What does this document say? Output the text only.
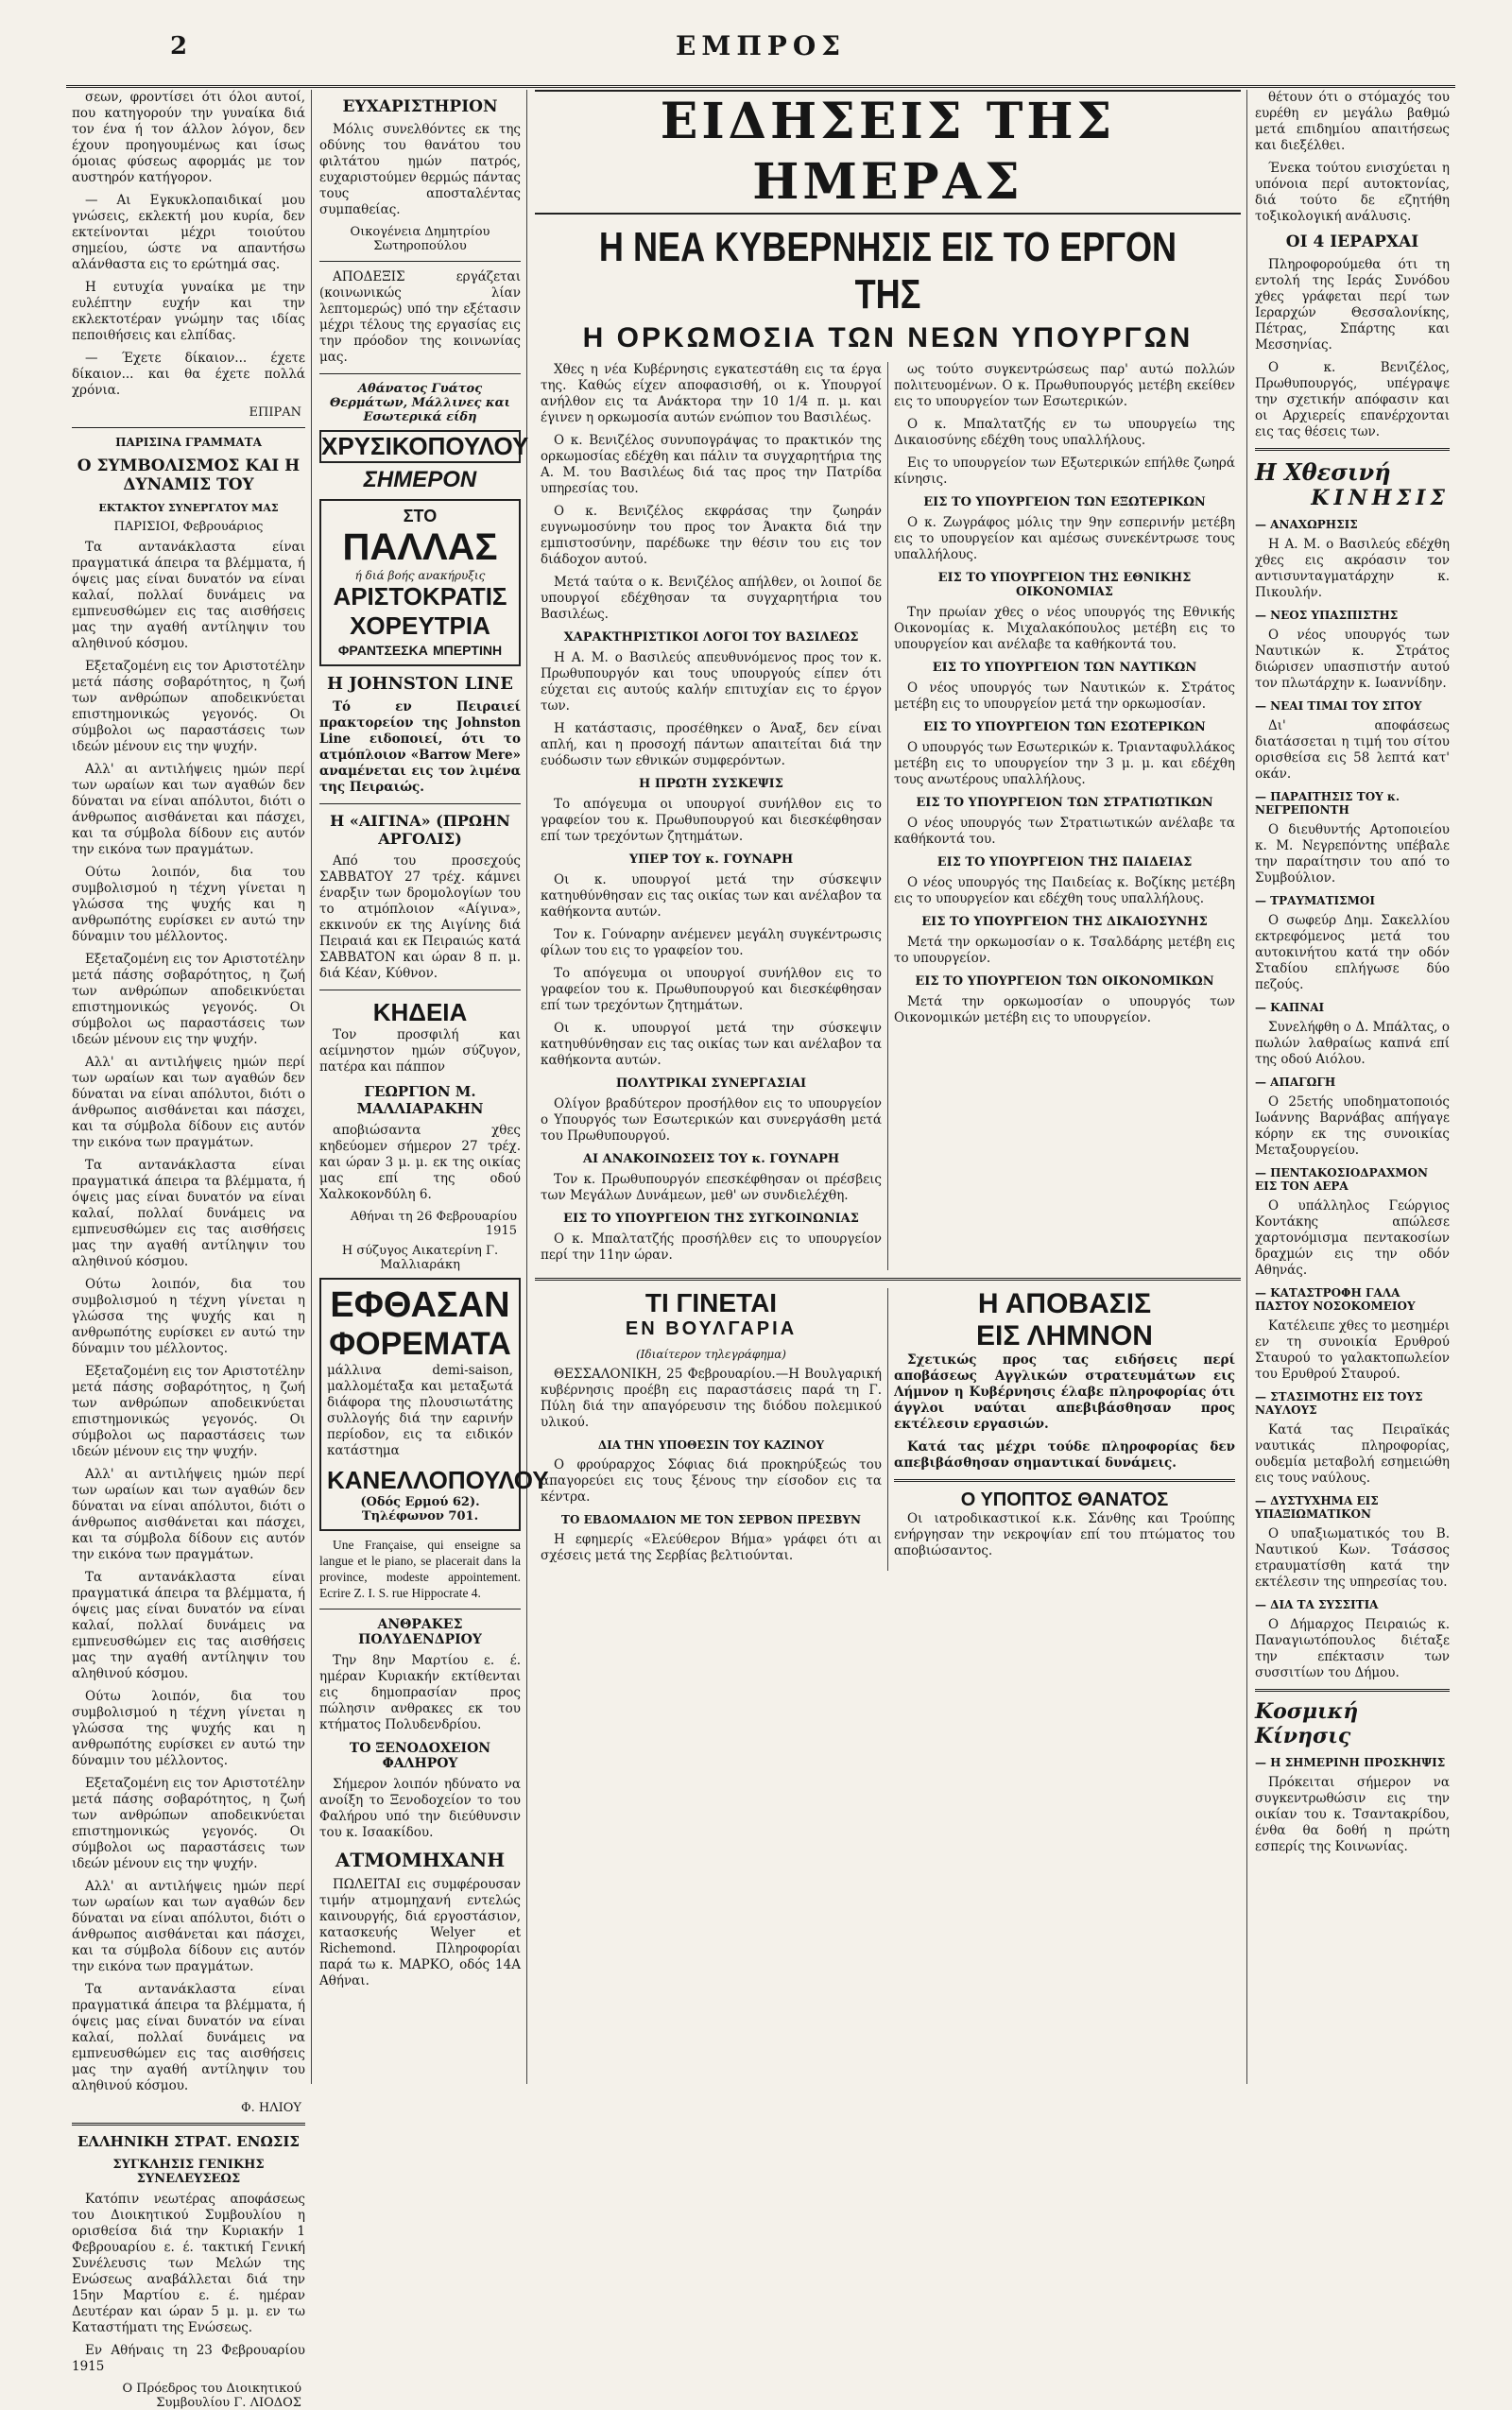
2	ΕΜΠΡΟΣ

σεων, φροντίσει ότι όλοι αυτοί, που κατηγορούν την γυναίκα διά τον ένα ή τον άλλον λόγον, δεν έχουν προηγουμένως και ίσως όμοιας φύσεως αφορμάς με τον αυστηρόν κατήγορον.

— Αι Εγκυκλοπαιδικαί μου γνώσεις, εκλεκτή μου κυρία, δεν εκτείνονται μέχρι τοιούτου σημείου, ώστε να απαντήσω αλάνθαστα εις το ερώτημά σας.

Η ευτυχία γυναίκα με την ευλέπτην ευχήν και την εκλεκτοτέραν γνώμην τας ιδίας πεποιθήσεις και ελπίδας.

— Έχετε δίκαιον... έχετε δίκαιον... και θα έχετε πολλά χρόνια.

ΕΠΙΡΑΝ
ΠΑΡΙΣΙΝΑ ΓΡΑΜΜΑΤΑ
Ο ΣΥΜΒΟΛΙΣΜΟΣ ΚΑΙ Η ΔΥΝΑΜΙΣ ΤΟΥ
ΕΚΤΑΚΤΟΥ ΣΥΝΕΡΓΑΤΟΥ ΜΑΣ
ΠΑΡΙΣΙΟΙ, Φεβρουάριος

Τα αντανάκλαστα είναι πραγματικά άπειρα τα βλέμματα, ή όψεις μας είναι δυνατόν να είναι καλαί, πολλαί δυνάμεις να εμπνευσθώμεν εις τας αισθήσεις μας την αγαθή αντίληψιν του αληθινού κόσμου.

Εξεταζομένη εις τον Αριστοτέλην μετά πάσης σοβαρότητος, η ζωή των ανθρώπων αποδεικνύεται επιστημονικώς γεγονός. Οι σύμβολοι ως παραστάσεις των ιδεών μένουν εις την ψυχήν.

Αλλ' αι αντιλήψεις ημών περί των ωραίων και των αγαθών δεν δύναται να είναι απόλυτοι, διότι ο άνθρωπος αισθάνεται και πάσχει, και τα σύμβολα δίδουν εις αυτόν την εικόνα των πραγμάτων.

Ούτω λοιπόν, δια του συμβολισμού η τέχνη γίνεται η γλώσσα της ψυχής και η ανθρωπότης ευρίσκει εν αυτώ την δύναμιν του μέλλοντος.

Εξεταζομένη εις τον Αριστοτέλην μετά πάσης σοβαρότητος, η ζωή των ανθρώπων αποδεικνύεται επιστημονικώς γεγονός. Οι σύμβολοι ως παραστάσεις των ιδεών μένουν εις την ψυχήν.

Αλλ' αι αντιλήψεις ημών περί των ωραίων και των αγαθών δεν δύναται να είναι απόλυτοι, διότι ο άνθρωπος αισθάνεται και πάσχει, και τα σύμβολα δίδουν εις αυτόν την εικόνα των πραγμάτων.

Τα αντανάκλαστα είναι πραγματικά άπειρα τα βλέμματα, ή όψεις μας είναι δυνατόν να είναι καλαί, πολλαί δυνάμεις να εμπνευσθώμεν εις τας αισθήσεις μας την αγαθή αντίληψιν του αληθινού κόσμου.

Ούτω λοιπόν, δια του συμβολισμού η τέχνη γίνεται η γλώσσα της ψυχής και η ανθρωπότης ευρίσκει εν αυτώ την δύναμιν του μέλλοντος.

Εξεταζομένη εις τον Αριστοτέλην μετά πάσης σοβαρότητος, η ζωή των ανθρώπων αποδεικνύεται επιστημονικώς γεγονός. Οι σύμβολοι ως παραστάσεις των ιδεών μένουν εις την ψυχήν.

Αλλ' αι αντιλήψεις ημών περί των ωραίων και των αγαθών δεν δύναται να είναι απόλυτοι, διότι ο άνθρωπος αισθάνεται και πάσχει, και τα σύμβολα δίδουν εις αυτόν την εικόνα των πραγμάτων.

Τα αντανάκλαστα είναι πραγματικά άπειρα τα βλέμματα, ή όψεις μας είναι δυνατόν να είναι καλαί, πολλαί δυνάμεις να εμπνευσθώμεν εις τας αισθήσεις μας την αγαθή αντίληψιν του αληθινού κόσμου.

Ούτω λοιπόν, δια του συμβολισμού η τέχνη γίνεται η γλώσσα της ψυχής και η ανθρωπότης ευρίσκει εν αυτώ την δύναμιν του μέλλοντος.

Εξεταζομένη εις τον Αριστοτέλην μετά πάσης σοβαρότητος, η ζωή των ανθρώπων αποδεικνύεται επιστημονικώς γεγονός. Οι σύμβολοι ως παραστάσεις των ιδεών μένουν εις την ψυχήν.

Αλλ' αι αντιλήψεις ημών περί των ωραίων και των αγαθών δεν δύναται να είναι απόλυτοι, διότι ο άνθρωπος αισθάνεται και πάσχει, και τα σύμβολα δίδουν εις αυτόν την εικόνα των πραγμάτων.

Τα αντανάκλαστα είναι πραγματικά άπειρα τα βλέμματα, ή όψεις μας είναι δυνατόν να είναι καλαί, πολλαί δυνάμεις να εμπνευσθώμεν εις τας αισθήσεις μας την αγαθή αντίληψιν του αληθινού κόσμου.

Φ. ΗΛΙΟΥ
ΕΛΛΗΝΙΚΗ ΣΤΡΑΤ. ΕΝΩΣΙΣ
ΣΥΓΚΛΗΣΙΣ ΓΕΝΙΚΗΣ ΣΥΝΕΛΕΥΣΕΩΣ

Κατόπιν νεωτέρας αποφάσεως του Διοικητικού Συμβουλίου η ορισθείσα διά την Κυριακήν 1 Φεβρουαρίου ε. έ. τακτική Γενική Συνέλευσις των Μελών της Ενώσεως αναβάλλεται διά την 15ην Μαρτίου ε. έ. ημέραν Δευτέραν και ώραν 5 μ. μ. εν τω Καταστήματι της Ενώσεως.

Εν Αθήναις τη 23 Φεβρουαρίου 1915

Ο Πρόεδρος του Διοικητικού Συμβουλίου Γ. ΛΙΟΔΟΣ
ΕΥΧΑΡΙΣΤΗΡΙΟΝ

Μόλις συνελθόντες εκ της οδύνης του θανάτου του φιλτάτου ημών πατρός, ευχαριστούμεν θερμώς πάντας τους αποσταλέντας συμπαθείας.

Οικογένεια Δημητρίου Σωτηροπούλου

ΑΠΟΔΕΞΙΣ εργάζεται (κοινωνικώς λίαν λεπτομερώς) υπό την εξέτασιν μέχρι τέλους της εργασίας εις την πρόοδον της κοινωνίας μας.

Αθάνατος Γυάτος Θερμάτων, Μάλλινες και Εσωτερικά είδη
ΧΡΥΣΙΚΟΠΟΥΛΟΥ
ΣΗΜΕΡΟΝ
ΣΤΟ ΠΑΛΛΑΣ
ή διά βοής ανακήρυξις
ΑΡΙΣΤΟΚΡΑΤΙΣ
ΧΟΡΕΥΤΡΙΑ
ΦΡΑΝΤΣΕΣΚΑ ΜΠΕΡΤΙΝΗ
Η JOHNSTON LINE

Τό εν Πειραιεί πρακτορείον της Johnston Line ειδοποιεί, ότι το ατμόπλοιον «Barrow Mere» αναμένεται εις τον λιμένα της Πειραιώς.

Η «ΑΙΓΙΝΑ» (ΠΡΩΗΝ ΑΡΓΟΛΙΣ)

Από του προσεχούς ΣΑΒΒΑΤΟΥ 27 τρέχ. κάμνει έναρξιν των δρομολογίων του το ατμόπλοιον «Αίγινα», εκκινούν εκ της Αιγίνης διά Πειραιά και εκ Πειραιώς κατά ΣΑΒΒΑΤΟΝ και ώραν 8 π. μ. διά Κέαν, Κύθνον.

ΚΗΔΕΙΑ

Τον προσφιλή και αείμνηστον ημών σύζυγον, πατέρα και πάππον

ΓΕΩΡΓΙΟΝ Μ. ΜΑΛΛΙΑΡΑΚΗΝ

αποβιώσαντα χθες κηδεύομεν σήμερον 27 τρέχ. και ώραν 3 μ. μ. εκ της οικίας μας επί της οδού Χαλκοκονδύλη 6.

Αθήναι τη 26 Φεβρουαρίου 1915
Η σύζυγος Αικατερίνη Γ. Μαλλιαράκη
ΕΦΘΑΣΑΝ
ΦΟΡΕΜΑΤΑ

μάλλινα demi-saison, μαλλομέταξα και μεταξωτά διάφορα της πλουσιωτάτης συλλογής διά την εαρινήν περίοδον, εις τα ειδικόν κατάστημα

ΚΑΝΕΛΛΟΠΟΥΛΟΥ
(Οδός Ερμού 62). Τηλέφωνον 701.

Une Française, qui enseigne sa langue et le piano, se placerait dans la province, modeste appointement. Ecrire Z. I. S. rue Hippocrate 4.

ΑΝΘΡΑΚΕΣ ΠΟΛΥΔΕΝΔΡΙΟΥ

Την 8ην Μαρτίου ε. έ. ημέραν Κυριακήν εκτίθενται εις δημοπρασίαν προς πώλησιν ανθρακες εκ του κτήματος Πολυδενδρίου.

ΤΟ ΞΕΝΟΔΟΧΕΙΟΝ ΦΑΛΗΡΟΥ

Σήμερον λοιπόν ηδύνατο να ανοίξη το Ξενοδοχείον το του Φαλήρου υπό την διεύθυνσιν του κ. Ισαακίδου.

ΑΤΜΟΜΗΧΑΝΗ

ΠΩΛΕΙΤΑΙ εις συμφέρουσαν τιμήν ατμομηχανή εντελώς καινουργής, διά εργοστάσιον, κατασκευής Welyer et Richemond. Πληροφορίαι παρά τω κ. ΜΑΡΚΟ, οδός 14Α Αθήναι.

ΕΙΔΗΣΕΙΣ ΤΗΣ ΗΜΕΡΑΣ
Η ΝΕΑ ΚΥΒΕΡΝΗΣΙΣ ΕΙΣ ΤΟ ΕΡΓΟΝ ΤΗΣ
Η ΟΡΚΩΜΟΣΙΑ ΤΩΝ ΝΕΩΝ ΥΠΟΥΡΓΩΝ

Χθες η νέα Κυβέρνησις εγκατεστάθη εις τα έργα της. Καθώς είχεν αποφασισθή, οι κ. Υπουργοί ανήλθον εις τα Ανάκτορα την 10 1/4 π. μ. και έγινεν η ορκωμοσία αυτών ενώπιον του Βασιλέως.

Ο κ. Βενιζέλος συνυπογράψας το πρακτικόν της ορκωμοσίας εδέχθη και πάλιν τα συγχαρητήρια της Α. Μ. του Βασιλέως διά τας προς την Πατρίδα υπηρεσίας του.

Ο κ. Βενιζέλος εκφράσας την ζωηράν ευγνωμοσύνην του προς τον Άνακτα διά την εμπιστοσύνην, παρέδωκε την θέσιν του εις τον διάδοχον αυτού.

Μετά ταύτα ο κ. Βενιζέλος απήλθεν, οι λοιποί δε υπουργοί εδέχθησαν τα συγχαρητήρια του Βασιλέως.

ΧΑΡΑΚΤΗΡΙΣΤΙΚΟΙ ΛΟΓΟΙ ΤΟΥ ΒΑΣΙΛΕΩΣ

Η Α. Μ. ο Βασιλεύς απευθυνόμενος προς τον κ. Πρωθυπουργόν και τους υπουργούς είπεν ότι εύχεται εις αυτούς καλήν επιτυχίαν εις το έργον των.

Η κατάστασις, προσέθηκεν ο Άναξ, δεν είναι απλή, και η προσοχή πάντων απαιτείται διά την ευόδωσιν των εθνικών συμφερόντων.

Η ΠΡΩΤΗ ΣΥΣΚΕΨΙΣ

Το απόγευμα οι υπουργοί συνήλθον εις το γραφείον του κ. Πρωθυπουργού και διεσκέφθησαν επί των τρεχόντων ζητημάτων.

ΥΠΕΡ ΤΟΥ κ. ΓΟΥΝΑΡΗ

Οι κ. υπουργοί μετά την σύσκεψιν κατηυθύνθησαν εις τας οικίας των και ανέλαβον τα καθήκοντα αυτών.

Τον κ. Γούναρην ανέμενεν μεγάλη συγκέντρωσις φίλων του εις το γραφείον του.

Το απόγευμα οι υπουργοί συνήλθον εις το γραφείον του κ. Πρωθυπουργού και διεσκέφθησαν επί των τρεχόντων ζητημάτων.

Οι κ. υπουργοί μετά την σύσκεψιν κατηυθύνθησαν εις τας οικίας των και ανέλαβον τα καθήκοντα αυτών.

ΠΟΛΥΤΡΙΚΑΙ ΣΥΝΕΡΓΑΣΙΑΙ

Ολίγον βραδύτερον προσήλθον εις το υπουργείον ο Υπουργός των Εσωτερικών και συνεργάσθη μετά του Πρωθυπουργού.

ΑΙ ΑΝΑΚΟΙΝΩΣΕΙΣ ΤΟΥ κ. ΓΟΥΝΑΡΗ

Τον κ. Πρωθυπουργόν επεσκέφθησαν οι πρέσβεις των Μεγάλων Δυνάμεων, μεθ' ων συνδιελέχθη.

ΕΙΣ ΤΟ ΥΠΟΥΡΓΕΙΟΝ ΤΗΣ ΣΥΓΚΟΙΝΩΝΙΑΣ

Ο κ. Μπαλτατζής προσήλθεν εις το υπουργείον περί την 11ην ώραν.

ως τούτο συγκεντρώσεως παρ' αυτώ πολλών πολιτευομένων. Ο κ. Πρωθυπουργός μετέβη εκείθεν εις το υπουργείον των Εσωτερικών.

Ο κ. Μπαλτατζής εν τω υπουργείω της Δικαιοσύνης εδέχθη τους υπαλλήλους.

Εις το υπουργείον των Εξωτερικών επήλθε ζωηρά κίνησις.

ΕΙΣ ΤΟ ΥΠΟΥΡΓΕΙΟΝ ΤΩΝ ΕΞΩΤΕΡΙΚΩΝ

Ο κ. Ζωγράφος μόλις την 9ην εσπερινήν μετέβη εις το υπουργείον και αμέσως συνεκέντρωσε τους υπαλλήλους.

ΕΙΣ ΤΟ ΥΠΟΥΡΓΕΙΟΝ ΤΗΣ ΕΘΝΙΚΗΣ ΟΙΚΟΝΟΜΙΑΣ

Την πρωίαν χθες ο νέος υπουργός της Εθνικής Οικονομίας κ. Μιχαλακόπουλος μετέβη εις το υπουργείον και ανέλαβε τα καθήκοντά του.

ΕΙΣ ΤΟ ΥΠΟΥΡΓΕΙΟΝ ΤΩΝ ΝΑΥΤΙΚΩΝ

Ο νέος υπουργός των Ναυτικών κ. Στράτος μετέβη εις το υπουργείον μετά την ορκωμοσίαν.

ΕΙΣ ΤΟ ΥΠΟΥΡΓΕΙΟΝ ΤΩΝ ΕΣΩΤΕΡΙΚΩΝ

Ο υπουργός των Εσωτερικών κ. Τριανταφυλλάκος μετέβη εις το υπουργείον την 3 μ. μ. και εδέχθη τους ανωτέρους υπαλλήλους.

ΕΙΣ ΤΟ ΥΠΟΥΡΓΕΙΟΝ ΤΩΝ ΣΤΡΑΤΙΩΤΙΚΩΝ

Ο νέος υπουργός των Στρατιωτικών ανέλαβε τα καθήκοντά του.

ΕΙΣ ΤΟ ΥΠΟΥΡΓΕΙΟΝ ΤΗΣ ΠΑΙΔΕΙΑΣ

Ο νέος υπουργός της Παιδείας κ. Βοζίκης μετέβη εις το υπουργείον και εδέχθη τους υπαλλήλους.

ΕΙΣ ΤΟ ΥΠΟΥΡΓΕΙΟΝ ΤΗΣ ΔΙΚΑΙΟΣΥΝΗΣ

Μετά την ορκωμοσίαν ο κ. Τσαλδάρης μετέβη εις το υπουργείον.

ΕΙΣ ΤΟ ΥΠΟΥΡΓΕΙΟΝ ΤΩΝ ΟΙΚΟΝΟΜΙΚΩΝ

Μετά την ορκωμοσίαν ο υπουργός των Οικονομικών μετέβη εις το υπουργείον.

ΤΙ ΓΙΝΕΤΑΙ
ΕΝ ΒΟΥΛΓΑΡΙΑ
(Ιδιαίτερον τηλεγράφημα)

ΘΕΣΣΑΛΟΝΙΚΗ, 25 Φεβρουαρίου.—Η Βουλγαρική κυβέρνησις προέβη εις παραστάσεις παρά τη Γ. Πύλη διά την απαγόρευσιν της διόδου πολεμικού υλικού.

ΔΙΑ ΤΗΝ ΥΠΟΘΕΣΙΝ ΤΟΥ ΚΑΖΙΝΟΥ

Ο φρούραρχος Σόφιας διά προκηρύξεώς του απαγορεύει εις τους ξένους την είσοδον εις τα κέντρα.

ΤΟ ΕΒΔΟΜΑΔΙΟΝ ΜΕ ΤΟΝ ΣΕΡΒΟΝ ΠΡΕΣΒΥΝ

Η εφημερίς «Ελεύθερον Βήμα» γράφει ότι αι σχέσεις μετά της Σερβίας βελτιούνται.

Η ΑΠΟΒΑΣΙΣ
ΕΙΣ ΛΗΜΝΟΝ

Σχετικώς προς τας ειδήσεις περί αποβάσεως Αγγλικών στρατευμάτων εις Λήμνον η Κυβέρνησις έλαβε πληροφορίας ότι άγγλοι ναύται απεβιβάσθησαν προς εκτέλεσιν εργασιών.

Κατά τας μέχρι τούδε πληροφορίας δεν απεβιβάσθησαν σημαντικαί δυνάμεις.

Ο ΥΠΟΠΤΟΣ ΘΑΝΑΤΟΣ

Οι ιατροδικαστικοί κ.κ. Σάνθης και Τρούπης ενήργησαν την νεκροψίαν επί του πτώματος του αποβιώσαντος.

θέτουν ότι ο στόμαχός του ευρέθη εν μεγάλω βαθμώ μετά επιδημίου απαιτήσεως και διεξέλθει.

Ένεκα τούτου ενισχύεται η υπόνοια περί αυτοκτονίας, διά τούτο δε εζητήθη τοξικολογική ανάλυσις.

ΟΙ 4 ΙΕΡΑΡΧΑΙ

Πληροφορούμεθα ότι τη εντολή της Ιεράς Συνόδου χθες γράφεται περί των Ιεραρχών Θεσσαλονίκης, Πέτρας, Σπάρτης και Μεσσηνίας.

Ο κ. Βενιζέλος, Πρωθυπουργός, υπέγραψε την σχετικήν απόφασιν και οι Αρχιερείς επανέρχονται εις τας θέσεις των.

Η Χθεσινή
ΚΙΝΗΣΙΣ
— ΑΝΑΧΩΡΗΣΙΣ

Η Α. Μ. ο Βασιλεύς εδέχθη χθες εις ακρόασιν τον αντισυνταγματάρχην κ. Πικουλήν.

— ΝΕΟΣ ΥΠΑΣΠΙΣΤΗΣ

Ο νέος υπουργός των Ναυτικών κ. Στράτος διώρισεν υπασπιστήν αυτού τον πλωτάρχην κ. Ιωαννίδην.

— ΝΕΑΙ ΤΙΜΑΙ ΤΟΥ ΣΙΤΟΥ

Δι' αποφάσεως διατάσσεται η τιμή του σίτου ορισθείσα εις 58 λεπτά κατ' οκάν.

— ΠΑΡΑΙΤΗΣΙΣ ΤΟΥ κ. ΝΕΓΡΕΠΟΝΤΗ

Ο διευθυντής Αρτοποιείου κ. Μ. Νεγρεπόντης υπέβαλε την παραίτησιν του από το Συμβούλιον.

— ΤΡΑΥΜΑΤΙΣΜΟΙ

Ο σωφεύρ Δημ. Σακελλίου εκτρεφόμενος μετά του αυτοκινήτου κατά την οδόν Σταδίου επλήγωσε δύο πεζούς.

— ΚΑΠΝΑΙ

Συνελήφθη ο Δ. Μπάλτας, ο πωλών λαθραίως καπνά επί της οδού Αιόλου.

— ΑΠΑΓΩΓΗ

Ο 25ετής υποδηματοποιός Ιωάννης Βαρνάβας απήγαγε κόρην εκ της συνοικίας Μεταξουργείου.

— ΠΕΝΤΑΚΟΣΙΟΔΡΑΧΜΟΝ ΕΙΣ ΤΟΝ ΑΕΡΑ

Ο υπάλληλος Γεώργιος Κοντάκης απώλεσε χαρτονόμισμα πεντακοσίων δραχμών εις την οδόν Αθηνάς.

— ΚΑΤΑΣΤΡΟΦΗ ΓΑΛΑ ΠΑΣΤΟΥ ΝΟΣΟΚΟΜΕΙΟΥ

Κατέλειπε χθες το μεσημέρι εν τη συνοικία Ερυθρού Σταυρού το γαλακτοπωλείον του Ερυθρού Σταυρού.

— ΣΤΑΣΙΜΟΤΗΣ ΕΙΣ ΤΟΥΣ ΝΑΥΛΟΥΣ

Κατά τας Πειραϊκάς ναυτικάς πληροφορίας, ουδεμία μεταβολή εσημειώθη εις τους ναύλους.

— ΔΥΣΤΥΧΗΜΑ ΕΙΣ ΥΠΑΞΙΩΜΑΤΙΚΟΝ

Ο υπαξιωματικός του Β. Ναυτικού Κων. Τσάσσος ετραυματίσθη κατά την εκτέλεσιν της υπηρεσίας του.

— ΔΙΑ ΤΑ ΣΥΣΣΙΤΙΑ

Ο Δήμαρχος Πειραιώς κ. Παναγιωτόπουλος διέταξε την επέκτασιν των συσσιτίων του Δήμου.

Κοσμική Κίνησις
— Η ΣΗΜΕΡΙΝΗ ΠΡΟΣΚΗΨΙΣ

Πρόκειται σήμερον να συγκεντρωθώσιν εις την οικίαν του κ. Τσαντακρίδου, ένθα θα δοθή η πρώτη εσπερίς της Κοινωνίας.
